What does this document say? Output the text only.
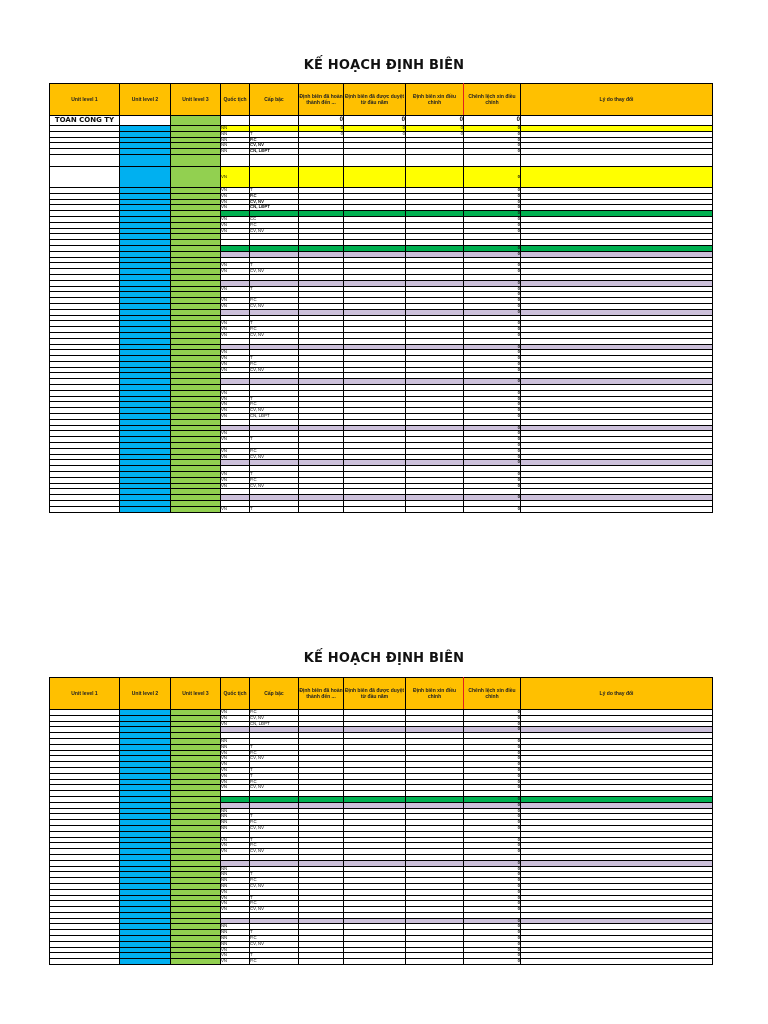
KẾ HOẠCH ĐỊNH BIÊN
Unit level 1	Unit level 2	Unit level 3	Quốc tịch	Cấp bậc	Định biên đã hoàn thành đến ...	Định biên đã được duyệt từ đầu năm	Định biên xin điều chỉnh	Chênh lệch xin điều chỉnh	Lý do thay đổi
TOÀN CÔNG TY					0	0	0	0	
			NN		0	0	0	0	
			NN	T	0	0	0	0	
			NN	P.C				0	
			NN	CV, NV				0	
			NN	CN, LĐPT				0	

			VN					0	
			VN	T				0	
			VN	P.C				0	
			VN	CV, NV				0	
			VN	CN, LĐPT				0	
								0	
			VN	CC				0	
			VN	P.C				0	
			VN	CV, NV				0	

								0	
								0	

			VN	T				0	
			VN	CV, NV				0	

								0	
			VN	T				0	
								0	
			VN	P.C				0	
			VN	CV, NV				0	
								0	

			VN	T				0	
			VN	P.C				0	
			VN	CV, NV				0	

								0	
			VN					0	
			VN	T				0	
			VN	P.C				0	
			VN	CV, NV				0	

								0	

			VN					0	
			VN	T				0	
			VN	P.C				0	
			VN	CV, NV				0	
			VN	CN, LĐPT				0	

								0	
			VN					0	
			VN	T				0	
								0	
			VN	P.C				0	
			VN	CV, NV				0	
								0	

			VN	T				0	
			VN	P.C				0	
			VN	CV, NV				0	

								0	

			VN	T				0	
KẾ HOẠCH ĐỊNH BIÊN
Unit level 1	Unit level 2	Unit level 3	Quốc tịch	Cấp bậc	Định biên đã hoàn thành đến ...	Định biên đã được duyệt từ đầu năm	Định biên xin điều chỉnh	Chênh lệch xin điều chỉnh	Lý do thay đổi
			VN	P.C				0	
			VN	CV, NV				0	
			VN	CN, LĐPT				0	
								0	

			NN					0	
			NN	T				0	
			VN	P.C				0	
			VN	CV, NV				0	
			VN					0	
			VN	T				0	
			VN	T				0	
			VN	P.C				0	
			VN	CV, NV				0	

								0	
								0	
			NN					0	
			NN	T				0	
			NN	P.C				0	
			NN	CV, NV				0	

			VN	T				0	
			VN	P.C				0	
			VN	CV, NV				0	

								0	
			NN					0	
			NN	T				0	
			NN	P.C				0	
			NN	CV, NV				0	
			VN					0	
			VN	T				0	
			VN	P.C				0	
			VN	CV, NV				0	

								0	
			NN					0	
			NN	T				0	
			NN	P.C				0	
			NN	CV, NV				0	
			VN					0	
			VN	T				0	
			VN	P.C				0	
